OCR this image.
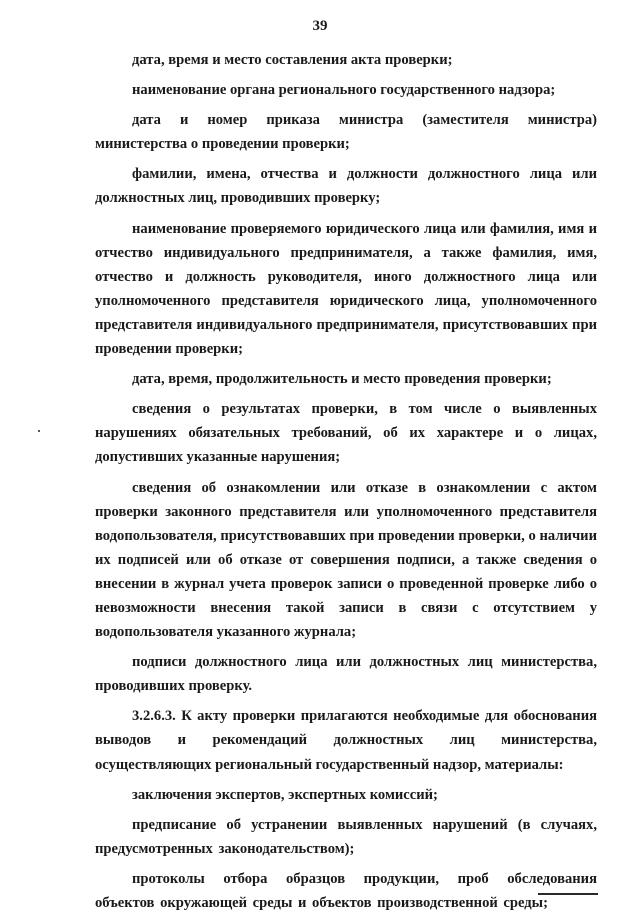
39

дата, время и место составления акта проверки;

наименование органа регионального государственного надзора;

дата и номер приказа министра (заместителя министра) министерства о проведении проверки;

фамилии, имена, отчества и должности должностного лица или должностных лиц, проводивших проверку;

наименование проверяемого юридического лица или фамилия, имя и отчество индивидуального предпринимателя, а также фамилия, имя, отчество и должность руководителя, иного должностного лица или уполномоченного представителя юридического лица, уполномоченного представителя индивидуального предпринимателя, присутствовавших при проведении проверки;

дата, время, продолжительность и место проведения проверки;

сведения о результатах проверки, в том числе о выявленных нарушениях обязательных требований, об их характере и о лицах, допустивших указанные нарушения;

сведения об ознакомлении или отказе в ознакомлении с актом проверки законного представителя или уполномоченного представителя водопользователя, присутствовавших при проведении проверки, о наличии их подписей или об отказе от совершения подписи, а также сведения о внесении в журнал учета проверок записи о проведенной проверке либо о невозможности внесения такой записи в связи с отсутствием у водопользователя указанного журнала;

подписи должностного лица или должностных лиц министерства, проводивших проверку.

3.2.6.3. К акту проверки прилагаются необходимые для обоснования выводов и рекомендаций должностных лиц министерства, осуществляющих региональный государственный надзор, материалы:

заключения экспертов, экспертных комиссий;

предписание об устранении выявленных нарушений (в случаях, предусмотренных законодательством);

протоколы отбора образцов продукции, проб обследования объектов окружающей среды и объектов производственной среды;
